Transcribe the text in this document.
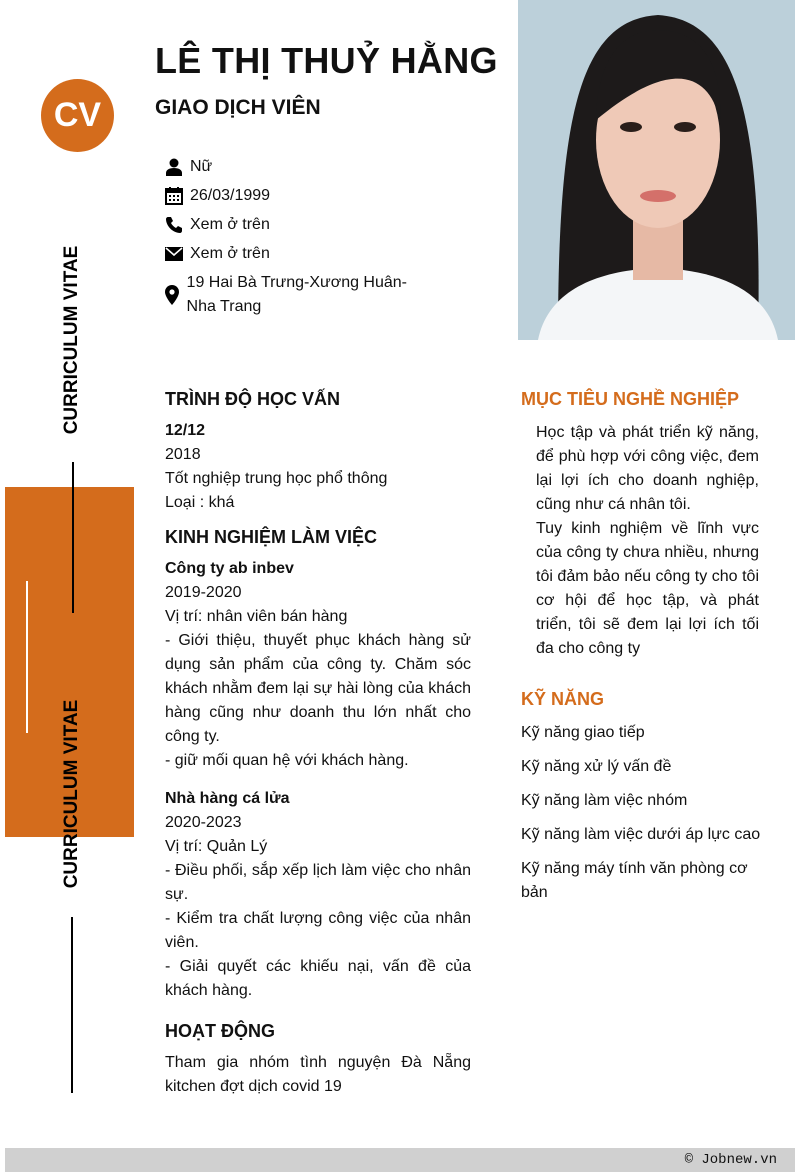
CV
CURRICULUM VITAE
CURRICULUM VITAE
LÊ THỊ THUỶ HẰNG
GIAO DỊCH VIÊN
Nữ
26/03/1999
Xem ở trên
Xem ở trên
19 Hai Bà Trưng-Xương Huân-Nha Trang
TRÌNH ĐỘ HỌC VẤN
12/12
2018
Tốt nghiệp trung học phổ thông
Loại : khá
KINH NGHIỆM LÀM VIỆC
Công ty ab inbev
2019-2020
Vị trí: nhân viên bán hàng
- Giới thiệu, thuyết phục khách hàng sử dụng sản phẩm của công ty. Chăm sóc khách nhằm đem lại sự hài lòng của khách hàng cũng như doanh thu lớn nhất cho công ty.
- giữ mối quan hệ với khách hàng.
Nhà hàng cá lửa
2020-2023
Vị trí: Quản Lý
- Điều phối, sắp xếp lịch làm việc cho nhân sự.
- Kiểm tra chất lượng công việc của nhân viên.
- Giải quyết các khiếu nại, vấn đề của khách hàng.
HOẠT ĐỘNG
Tham gia nhóm tình nguyện Đà Nẵng kitchen đợt dịch covid 19
MỤC TIÊU NGHỀ NGHIỆP
Học tập và phát triển kỹ năng, để phù hợp với công việc, đem lại lợi ích cho doanh nghiệp, cũng như cá nhân tôi.
Tuy kinh nghiệm về lĩnh vực của công ty chưa nhiều, nhưng tôi đảm bảo nếu công ty cho tôi cơ hội để học tập, và phát triển, tôi sẽ đem lại lợi ích tối đa cho công ty
KỸ NĂNG
Kỹ năng giao tiếp
Kỹ năng xử lý vấn đề
Kỹ năng làm việc nhóm
Kỹ năng làm việc dưới áp lực cao
Kỹ năng máy tính văn phòng cơ bản
© Jobnew.vn
